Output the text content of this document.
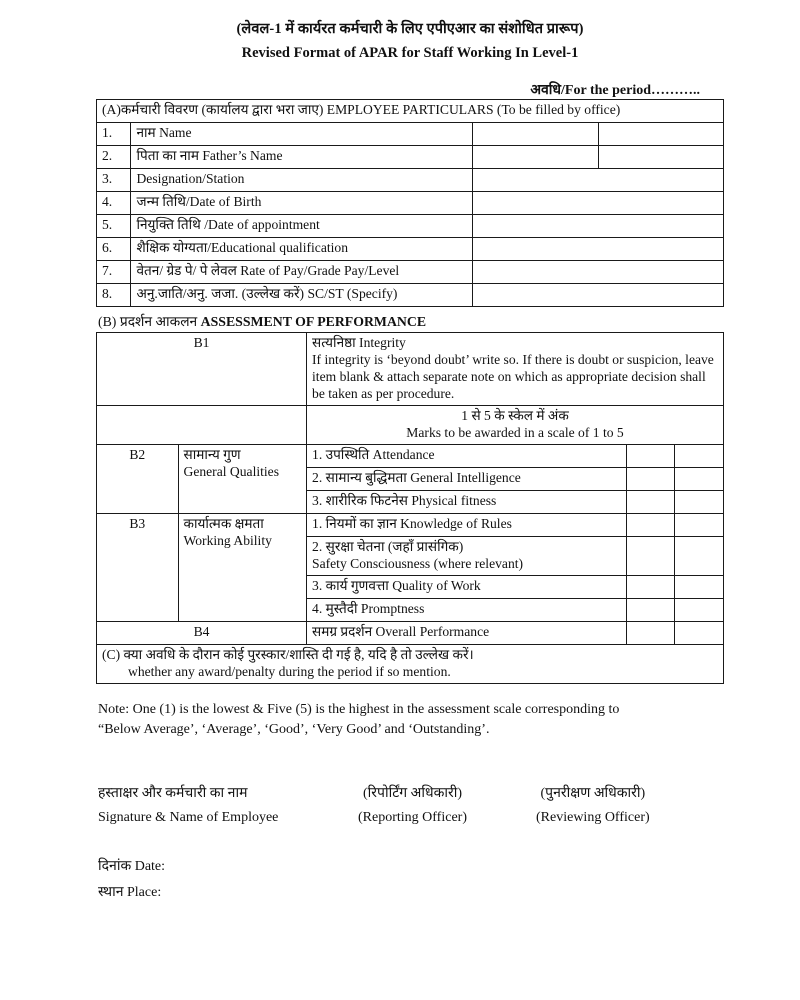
(लेवल-1 में कार्यरत कर्मचारी के लिए एपीएआर का संशोधित प्रारूप)
Revised Format of APAR for Staff Working In Level-1
अवधि/For the period………..
(A)कर्मचारी विवरण (कार्यालय द्वारा भरा जाए) EMPLOYEE PARTICULARS (To be filled by office)			
1.	नाम Name		
2.	पिता का नाम Father’s Name		
3.	Designation/Station		
4.	जन्म तिथि/Date of Birth		
5.	नियुक्ति तिथि /Date of appointment		
6.	शैक्षिक योग्यता/Educational qualification		
7.	वेतन/ ग्रेड पे/ पे लेवल Rate of Pay/Grade Pay/Level		
8.	अनु.जाति/अनु. जजा. (उल्लेख करें) SC/ST (Specify)		
(B) प्रदर्शन आकलन ASSESSMENT OF PERFORMANCE
B1		सत्यनिष्ठा Integrity
If integrity is ‘beyond doubt’ write so. If there is doubt or suspicion, leave item blank & attach separate note on which as appropriate decision shall be taken as per procedure.		

		1 से 5 के स्केल में अंक
Marks to be awarded in a scale of 1 to 5		

B2	सामान्य गुण
General Qualities	1. उपस्थिति Attendance		
		2. सामान्य बुद्धिमता General Intelligence		
		3. शारीरिक फिटनेस Physical fitness		
B3	कार्यात्मक क्षमता
Working Ability	1. नियमों का ज्ञान Knowledge of Rules		
		2. सुरक्षा चेतना (जहाँ प्रासंगिक)
Safety Consciousness (where relevant)		
		3. कार्य गुणवत्ता Quality of Work		
		4. मुस्तैदी Promptness		
B4		समग्र प्रदर्शन Overall Performance		

(C) क्या अवधि के दौरान कोई पुरस्कार/शास्ति दी गई है, यदि है तो उल्लेख करें।
whether any award/penalty during the period if so mention.				
Note: One (1) is the lowest & Five (5) is the highest in the assessment scale corresponding to
“Below Average’, ‘Average’, ‘Good’, ‘Very Good’ and ‘Outstanding’.
हस्ताक्षर और कर्मचारी का नाम
Signature & Name of Employee
(रिपोर्टिंग अधिकारी)
(Reporting Officer)
(पुनरीक्षण अधिकारी)
(Reviewing Officer)
दिनांक Date:
स्थान Place:
